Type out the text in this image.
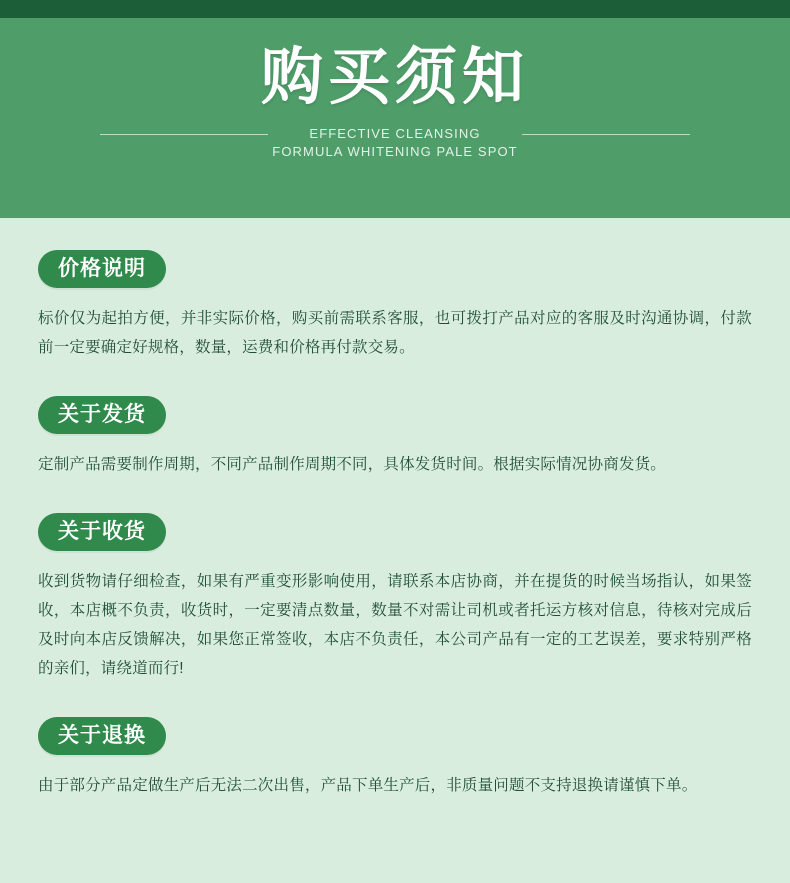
购买须知
EFFECTIVE CLEANSING
FORMULA WHITENING PALE SPOT
价格说明
标价仅为起拍方便，并非实际价格，购买前需联系客服，也可拨打产品对应的客服及时沟通协调，付款前一定要确定好规格，数量，运费和价格再付款交易。
关于发货
定制产品需要制作周期，不同产品制作周期不同，具体发货时间。根据实际情况协商发货。
关于收货
收到货物请仔细检查，如果有严重变形影响使用，请联系本店协商，并在提货的时候当场指认，如果签收，本店概不负责，收货时，一定要清点数量，数量不对需让司机或者托运方核对信息，待核对完成后及时向本店反馈解决，如果您正常签收，本店不负责任，本公司产品有一定的工艺误差，要求特别严格的亲们，请绕道而行!
关于退换
由于部分产品定做生产后无法二次出售，产品下单生产后，非质量问题不支持退换请谨慎下单。
